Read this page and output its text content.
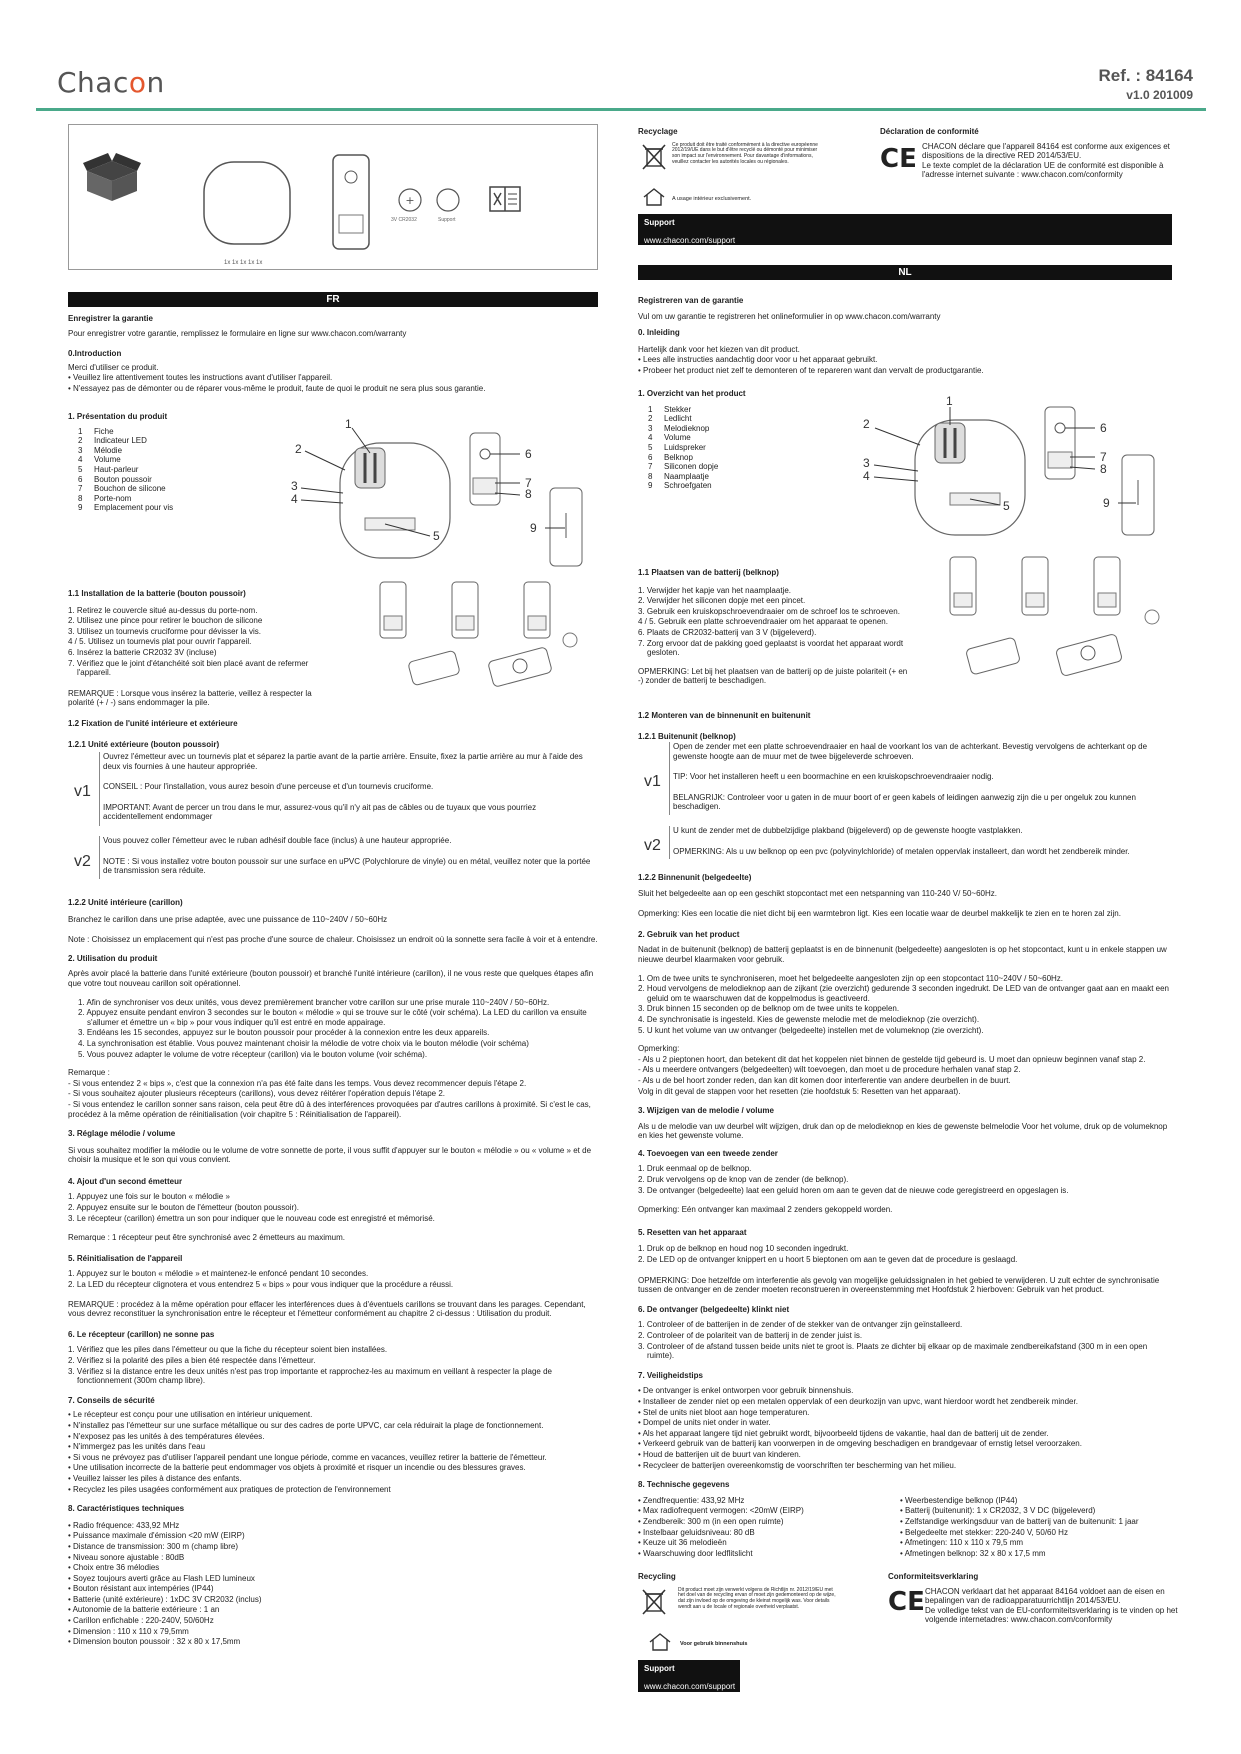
Chacon	Ref. : 84164
v1.0 201009
+
3V CR2032	Support
1x 1x 1x 1x 1x
FR
Enregistrer la garantie

Pour enregistrer votre garantie, remplissez le formulaire en ligne sur www.chacon.com/warranty

0.Introduction
Merci d'utiliser ce produit.
• Veuillez lire attentivement toutes les instructions avant d'utiliser l'appareil.
• N'essayez pas de démonter ou de réparer vous-même le produit, faute de quoi le produit ne sera plus sous garantie.
1. Présentation du produit
1	Fiche
2	Indicateur LED
3	Mélodie
4	Volume
5	Haut-parleur
6	Bouton poussoir
7	Bouchon de silicone
8	Porte-nom
9	Emplacement pour vis
1
2
3
4
5
6
7
8
9
1.1 Installation de la batterie (bouton poussoir)
1. Retirez le couvercle situé au-dessus du porte-nom.
2. Utilisez une pince pour retirer le bouchon de silicone
3. Utilisez un tournevis cruciforme pour dévisser la vis.
4 / 5. Utilisez un tournevis plat pour ouvrir l'appareil.
6. Insérez la batterie CR2032 3V (incluse)
7. Vérifiez que le joint d'étanchéité soit bien placé avant de refermer l'appareil.

REMARQUE : Lorsque vous insérez la batterie, veillez à respecter la polarité (+ / -) sans endommager la pile.

1.2 Fixation de l'unité intérieure et extérieure
1.2.1 Unité extérieure (bouton poussoir)
v1

Ouvrez l'émetteur avec un tournevis plat et séparez la partie avant de la partie arrière. Ensuite, fixez la partie arrière au mur à l'aide des deux vis fournies à une hauteur appropriée.

CONSEIL : Pour l'installation, vous aurez besoin d'une perceuse et d'un tournevis cruciforme.

IMPORTANT: Avant de percer un trou dans le mur, assurez-vous qu'il n'y ait pas de câbles ou de tuyaux que vous pourriez accidentellement endommager

v2

Vous pouvez coller l'émetteur avec le ruban adhésif double face (inclus) à une hauteur appropriée.

NOTE : Si vous installez votre bouton poussoir sur une surface en uPVC (Polychlorure de vinyle) ou en métal, veuillez noter que la portée de transmission sera réduite.

1.2.2 Unité intérieure (carillon)

Branchez le carillon dans une prise adaptée, avec une puissance de 110~240V / 50~60Hz

Note : Choisissez un emplacement qui n'est pas proche d'une source de chaleur. Choisissez un endroit où la sonnette sera facile à voir et à entendre.

2. Utilisation du produit

Après avoir placé la batterie dans l'unité extérieure (bouton poussoir) et branché l'unité intérieure (carillon), il ne vous reste que quelques étapes afin que votre tout nouveau carillon soit opérationnel.

1. Afin de synchroniser vos deux unités, vous devez premièrement brancher votre carillon sur une prise murale 110~240V / 50~60Hz.
2. Appuyez ensuite pendant environ 3 secondes sur le bouton « mélodie » qui se trouve sur le côté (voir schéma). La LED du carillon va ensuite s'allumer et émettre un « bip » pour vous indiquer qu'il est entré en mode appairage.
3. Endéans les 15 secondes, appuyez sur le bouton poussoir pour procéder à la connexion entre les deux appareils.
4. La synchronisation est établie. Vous pouvez maintenant choisir la mélodie de votre choix via le bouton mélodie (voir schéma)
5. Vous pouvez adapter le volume de votre récepteur (carillon) via le bouton volume (voir schéma).
Remarque :
- Si vous entendez 2 « bips », c'est que la connexion n'a pas été faite dans les temps. Vous devez recommencer depuis l'étape 2.
- Si vous souhaitez ajouter plusieurs récepteurs (carillons), vous devez réitérer l'opération depuis l'étape 2.
- Si vous entendez le carillon sonner sans raison, cela peut être dû à des interférences provoquées par d'autres carillons à proximité. Si c'est le cas, procédez à la même opération de réinitialisation (voir chapitre 5 : Réinitialisation de l'appareil).
3. Réglage mélodie / volume

Si vous souhaitez modifier la mélodie ou le volume de votre sonnette de porte, il vous suffit d'appuyer sur le bouton « mélodie » ou « volume » et de choisir la musique et le son qui vous convient.

4. Ajout d'un second émetteur
1. Appuyez une fois sur le bouton « mélodie »
2. Appuyez ensuite sur le bouton de l'émetteur (bouton poussoir).
3. Le récepteur (carillon) émettra un son pour indiquer que le nouveau code est enregistré et mémorisé.

Remarque : 1 récepteur peut être synchronisé avec 2 émetteurs au maximum.

5. Réinitialisation de l'appareil
1. Appuyez sur le bouton « mélodie » et maintenez-le enfoncé pendant 10 secondes.
2. La LED du récepteur clignotera et vous entendrez 5 « bips » pour vous indiquer que la procédure a réussi.

REMARQUE : procédez à la même opération pour effacer les interférences dues à d'éventuels carillons se trouvant dans les parages. Cependant, vous devrez reconstituer la synchronisation entre le récepteur et l'émetteur conformément au chapitre 2 ci-dessus : Utilisation du produit.

6. Le récepteur (carillon) ne sonne pas
1. Vérifiez que les piles dans l'émetteur ou que la fiche du récepteur soient bien installées.
2. Vérifiez si la polarité des piles a bien été respectée dans l'émetteur.
3. Vérifiez si la distance entre les deux unités n'est pas trop importante et rapprochez-les au maximum en veillant à respecter la plage de fonctionnement (300m champ libre).
7. Conseils de sécurité
• Le récepteur est conçu pour une utilisation en intérieur uniquement.
• N'installez pas l'émetteur sur une surface métallique ou sur des cadres de porte UPVC, car cela réduirait la plage de fonctionnement.
• N'exposez pas les unités à des températures élevées.
• N'immergez pas les unités dans l'eau
• Si vous ne prévoyez pas d'utiliser l'appareil pendant une longue période, comme en vacances, veuillez retirer la batterie de l'émetteur.
• Une utilisation incorrecte de la batterie peut endommager vos objets à proximité et risquer un incendie ou des blessures graves.
• Veuillez laisser les piles à distance des enfants.
• Recyclez les piles usagées conformément aux pratiques de protection de l'environnement
8. Caractéristiques techniques
• Radio fréquence: 433,92 MHz
• Puissance maximale d'émission <20 mW (EIRP)
• Distance de transmission: 300 m (champ libre)
• Niveau sonore ajustable : 80dB
• Choix entre 36 mélodies
• Soyez toujours averti grâce au Flash LED lumineux
• Bouton résistant aux intempéries (IP44)
• Batterie (unité extérieure) : 1xDC 3V CR2032 (inclus)
• Autonomie de la batterie extérieure : 1 an
• Carillon enfichable : 220-240V, 50/60Hz
• Dimension : 110 x 110 x 79,5mm
• Dimension bouton poussoir : 32 x 80 x 17,5mm
Recyclage

Ce produit doit être traité conformément à la directive européenne 2012/19/UE dans le but d'être recyclé ou démonté pour minimiser son impact sur l'environnement. Pour davantage d'informations, veuillez contacter les autorités locales ou régionales.

A usage intérieur exclusivement.

Déclaration de conformité
CE CHACON déclare que l'appareil 84164 est conforme aux exigences et dispositions de la directive RED 2014/53/EU.

Le texte complet de la déclaration UE de conformité est disponible à l'adresse internet suivante : www.chacon.com/conformity

Support
www.chacon.com/support
NL
Registreren van de garantie

Vul om uw garantie te registreren het onlineformulier in op www.chacon.com/warranty

0. Inleiding
Hartelijk dank voor het kiezen van dit product.
• Lees alle instructies aandachtig door voor u het apparaat gebruikt.
• Probeer het product niet zelf te demonteren of te repareren want dan vervalt de productgarantie.
1. Overzicht van het product
1	Stekker
2	Ledlicht
3	Melodieknop
4	Volume
5	Luidspreker
6	Belknop
7	Siliconen dopje
8	Naamplaatje
9	Schroefgaten
1
2
3
4
5
6
7
8
9
1.1 Plaatsen van de batterij (belknop)
1. Verwijder het kapje van het naamplaatje.
2. Verwijder het siliconen dopje met een pincet.
3. Gebruik een kruiskopschroevendraaier om de schroef los te schroeven.
4 / 5. Gebruik een platte schroevendraaier om het apparaat te openen.
6. Plaats de CR2032-batterij van 3 V (bijgeleverd).
7. Zorg ervoor dat de pakking goed geplaatst is voordat het apparaat wordt gesloten.

OPMERKING: Let bij het plaatsen van de batterij op de juiste polariteit (+ en -) zonder de batterij te beschadigen.

1.2 Monteren van de binnenunit en buitenunit
1.2.1 Buitenunit (belknop)
v1

Open de zender met een platte schroevendraaier en haal de voorkant los van de achterkant. Bevestig vervolgens de achterkant op de gewenste hoogte aan de muur met de twee bijgeleverde schroeven.

TIP: Voor het installeren heeft u een boormachine en een kruiskopschroevendraaier nodig.

BELANGRIJK: Controleer voor u gaten in de muur boort of er geen kabels of leidingen aanwezig zijn die u per ongeluk zou kunnen beschadigen.

v2

U kunt de zender met de dubbelzijdige plakband (bijgeleverd) op de gewenste hoogte vastplakken.

OPMERKING: Als u uw belknop op een pvc (polyvinylchloride) of metalen oppervlak installeert, dan wordt het zendbereik minder.

1.2.2 Binnenunit (belgedeelte)

Sluit het belgedeelte aan op een geschikt stopcontact met een netspanning van 110-240 V/ 50~60Hz.

Opmerking: Kies een locatie die niet dicht bij een warmtebron ligt. Kies een locatie waar de deurbel makkelijk te zien en te horen zal zijn.

2. Gebruik van het product

Nadat in de buitenunit (belknop) de batterij geplaatst is en de binnenunit (belgedeelte) aangesloten is op het stopcontact, kunt u in enkele stappen uw nieuwe deurbel klaarmaken voor gebruik.

1. Om de twee units te synchroniseren, moet het belgedeelte aangesloten zijn op een stopcontact 110~240V / 50~60Hz.
2. Houd vervolgens de melodieknop aan de zijkant (zie overzicht) gedurende 3 seconden ingedrukt. De LED van de ontvanger gaat aan en maakt een geluid om te waarschuwen dat de koppelmodus is geactiveerd.
3. Druk binnen 15 seconden op de belknop om de twee units te koppelen.
4. De synchronisatie is ingesteld. Kies de gewenste melodie met de melodieknop (zie overzicht).
5. U kunt het volume van uw ontvanger (belgedeelte) instellen met de volumeknop (zie overzicht).
Opmerking:
- Als u 2 pieptonen hoort, dan betekent dit dat het koppelen niet binnen de gestelde tijd gebeurd is. U moet dan opnieuw beginnen vanaf stap 2.
- Als u meerdere ontvangers (belgedeelten) wilt toevoegen, dan moet u de procedure herhalen vanaf stap 2.
- Als u de bel hoort zonder reden, dan kan dit komen door interferentie van andere deurbellen in de buurt.
Volg in dit geval de stappen voor het resetten (zie hoofdstuk 5: Resetten van het apparaat).
3. Wijzigen van de melodie / volume

Als u de melodie van uw deurbel wilt wijzigen, druk dan op de melodieknop en kies de gewenste belmelodie Voor het volume, druk op de volumeknop en kies het gewenste volume.

4. Toevoegen van een tweede zender
1. Druk eenmaal op de belknop.
2. Druk vervolgens op de knop van de zender (de belknop).
3. De ontvanger (belgedeelte) laat een geluid horen om aan te geven dat de nieuwe code geregistreerd en opgeslagen is.

Opmerking: Eén ontvanger kan maximaal 2 zenders gekoppeld worden.

5. Resetten van het apparaat
1. Druk op de belknop en houd nog 10 seconden ingedrukt.
2. De LED op de ontvanger knippert en u hoort 5 bieptonen om aan te geven dat de procedure is geslaagd.

OPMERKING: Doe hetzelfde om interferentie als gevolg van mogelijke geluidssignalen in het gebied te verwijderen. U zult echter de synchronisatie tussen de ontvanger en de zender moeten reconstrueren in overeenstemming met Hoofdstuk 2 hierboven: Gebruik van het product.

6. De ontvanger (belgedeelte) klinkt niet
1. Controleer of de batterijen in de zender of de stekker van de ontvanger zijn geïnstalleerd.
2. Controleer of de polariteit van de batterij in de zender juist is.
3. Controleer of de afstand tussen beide units niet te groot is. Plaats ze dichter bij elkaar op de maximale zendbereikafstand (300 m in een open ruimte).
7. Veiligheidstips
• De ontvanger is enkel ontworpen voor gebruik binnenshuis.
• Installeer de zender niet op een metalen oppervlak of een deurkozijn van upvc, want hierdoor wordt het zendbereik minder.
• Stel de units niet bloot aan hoge temperaturen.
• Dompel de units niet onder in water.
• Als het apparaat langere tijd niet gebruikt wordt, bijvoorbeeld tijdens de vakantie, haal dan de batterij uit de zender.
• Verkeerd gebruik van de batterij kan voorwerpen in de omgeving beschadigen en brandgevaar of ernstig letsel veroorzaken.
• Houd de batterijen uit de buurt van kinderen.
• Recycleer de batterijen overeenkomstig de voorschriften ter bescherming van het milieu.
8. Technische gegevens
• Zendfrequentie: 433,92 MHz
• Max radiofrequent vermogen: <20mW (EIRP)
• Zendbereik: 300 m (in een open ruimte)
• Instelbaar geluidsniveau: 80 dB
• Keuze uit 36 melodieën
• Waarschuwing door ledflitslicht
• Weerbestendige belknop (IP44)
• Batterij (buitenunit): 1 x CR2032, 3 V DC (bijgeleverd)
• Zelfstandige werkingsduur van de batterij van de buitenunit: 1 jaar
• Belgedeelte met stekker: 220-240 V, 50/60 Hz
• Afmetingen: 110 x 110 x 79,5 mm
• Afmetingen belknop: 32 x 80 x 17,5 mm
Recycling

Dit product moet zijn verwerkt volgens de Richtlijn nr. 2012/19/EU met het doel van de recycling ervan of moet zijn gedemonteerd op de wijze, dat zijn invloed op de omgeving de kleinst mogelijk was. Voor details wendt aan u de locale of regionale overheid verplaatst.

Voor gebruik binnenshuis

Conformiteitsverklaring
CE CHACON verklaart dat het apparaat 84164 voldoet aan de eisen en bepalingen van de radioapparatuurrichtlijn 2014/53/EU.

De volledige tekst van de EU-conformiteitsverklaring is te vinden op het volgende internetadres: www.chacon.com/conformity

Support
www.chacon.com/support
